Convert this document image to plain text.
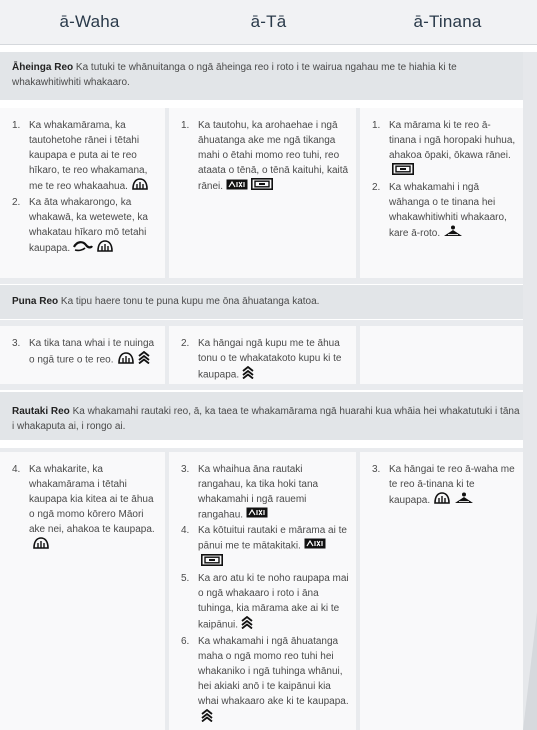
ā-Waha	ā-Tā	ā-Tinana
Āheinga Reo Ka tutuki te whānuitanga o ngā āheinga reo i roto i te wairua ngahau me te hiahia ki te whakawhitiwhiti whakaaro.
1. Ka whakamārama, ka tautohetohe rānei i tētahi kaupapa e puta ai te reo hīkaro, te reo whakamana, me te reo whakaahua.
2. Ka āta whakarongo, ka whakawā, ka wetewete, ka whakatau hīkaro mō tetahi kaupapa.
1. Ka tautohu, ka arohaehae i ngā āhuatanga ake me ngā tikanga mahi o ētahi momo reo tuhi, reo ataata o tēnā, o tēnā kaituhi, kaitā rānei.
1. Ka mārama ki te reo ā-tinana i ngā horopaki huhua, ahakoa ōpaki, ōkawa rānei.
2. Ka whakamahi i ngā wāhanga o te tinana hei whakawhitiwhiti whakaaro, kare ā-roto.
Puna Reo Ka tipu haere tonu te puna kupu me ōna āhuatanga katoa.
3. Ka tika tana whai i te nuinga o ngā ture o te reo.
2. Ka hāngai ngā kupu me te āhua tonu o te whakatakoto kupu ki te kaupapa.
Rautaki Reo Ka whakamahi rautaki reo, ā, ka taea te whakamārama ngā huarahi kua whāia hei whakatutuki i tāna i whakaputa ai, i rongo ai.
4. Ka whakarite, ka whakamārama i tētahi kaupapa kia kitea ai te āhua o ngā momo kōrero Māori ake nei, ahakoa te kaupapa.
3. Ka whaihua āna rautaki rangahau, ka tika hoki tana whakamahi i ngā rauemi rangahau.
4. Ka kōtuitui rautaki e mārama ai te pānui me te mātakitaki.
5. Ka aro atu ki te noho raupapa mai o ngā whakaaro i roto i āna tuhinga, kia mārama ake ai ki te kaipānui.
6. Ka whakamahi i ngā āhuatanga maha o ngā momo reo tuhi hei whakaniko i ngā tuhinga whānui, hei akiaki anō i te kaipānui kia whai whakaaro ake ki te kaupapa.
3. Ka hāngai te reo ā-waha me te reo ā-tinana ki te kaupapa.
